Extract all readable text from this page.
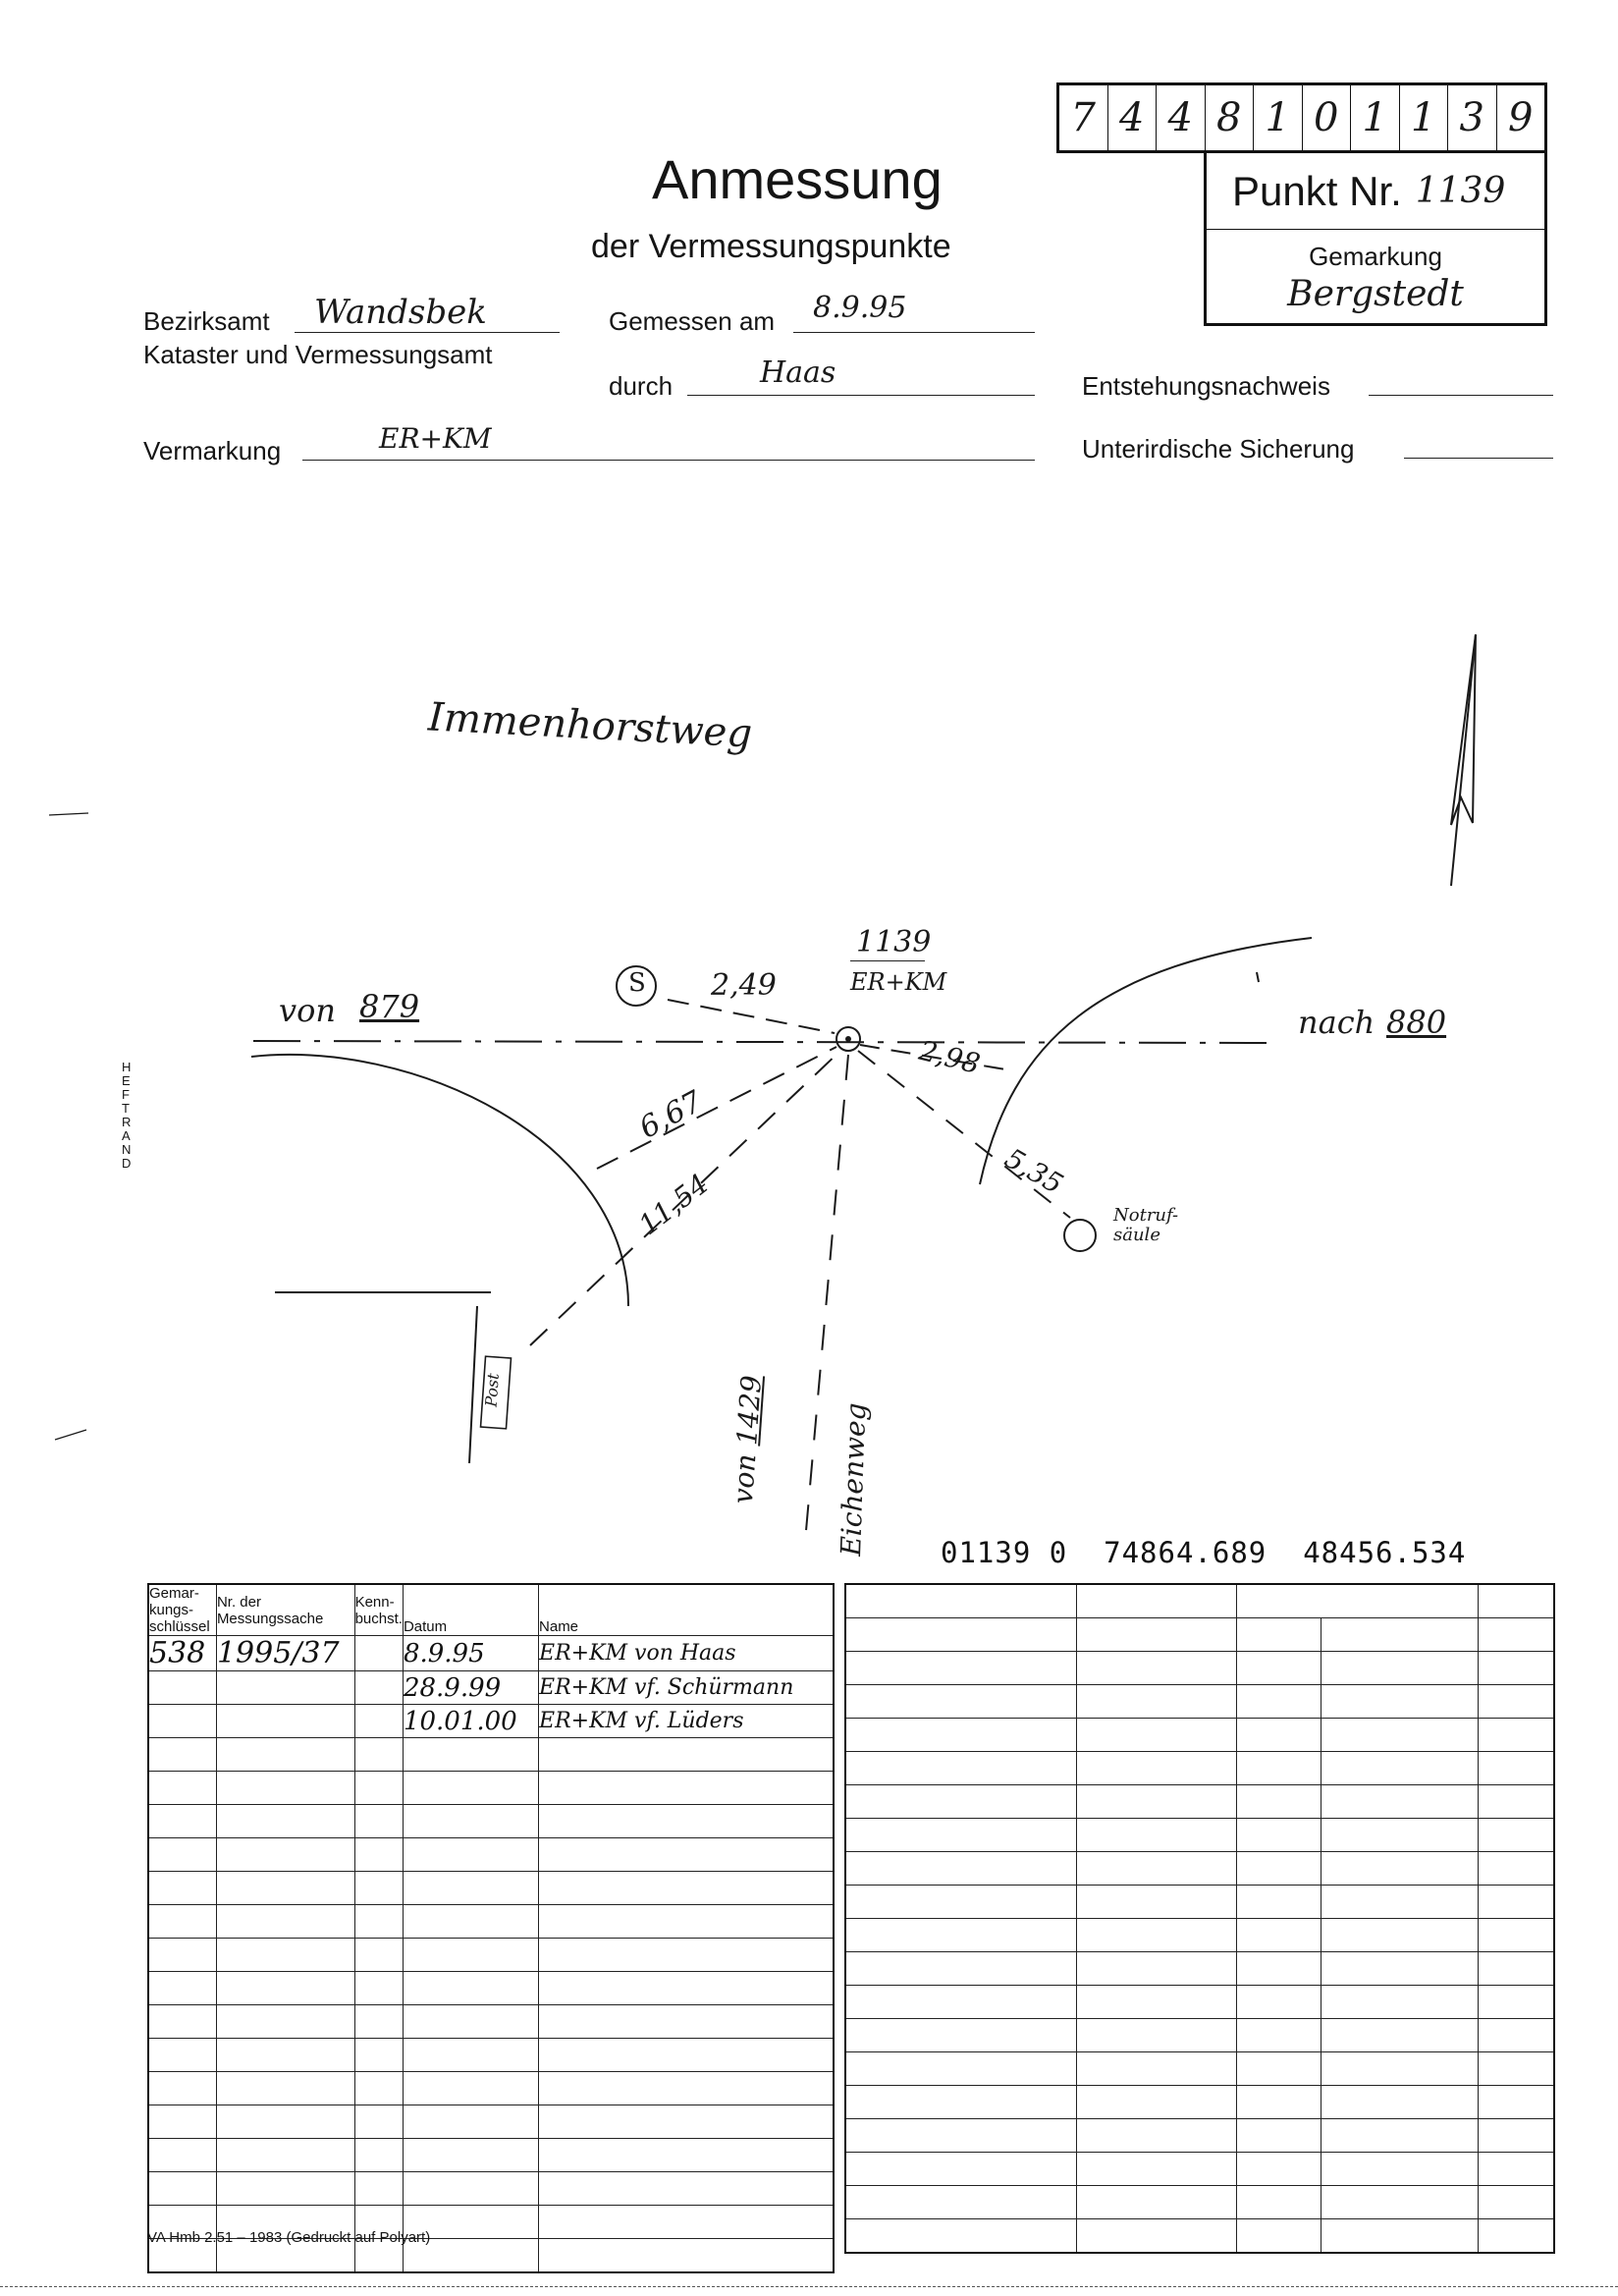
Anmessung
der Vermessungspunkte
7 4 4 8 1 0 1 1 3 9
Punkt Nr. 1139
Gemarkung
Bergstedt
Bezirksamt Wandsbek
Kataster und Vermessungsamt
Gemessen am 8.9.95
durch	Haas	Entstehungsnachweis
Vermarkung	ER+KM	Unterirdische Sicherung
HEFTRAND
Immenhorstweg
1139
ER+KM
S 2,49
von 879	nach 880
2,98
6,67
11,54	5,35
Notruf-säule
Post
von 1429 Eichenweg 01139 0  74864.689  48456.534
Gemar-kungs-schlüssel	Nr. der Messungssache	Kenn-buchst.	Datum	Name
538	1995/37		8.9.95	ER+KM von Haas
			28.9.99	ER+KM vf. Schürmann
			10.01.00	ER+KM vf. Lüders

VA Hmb 2.51 – 1983 (Gedruckt auf Polyart)
